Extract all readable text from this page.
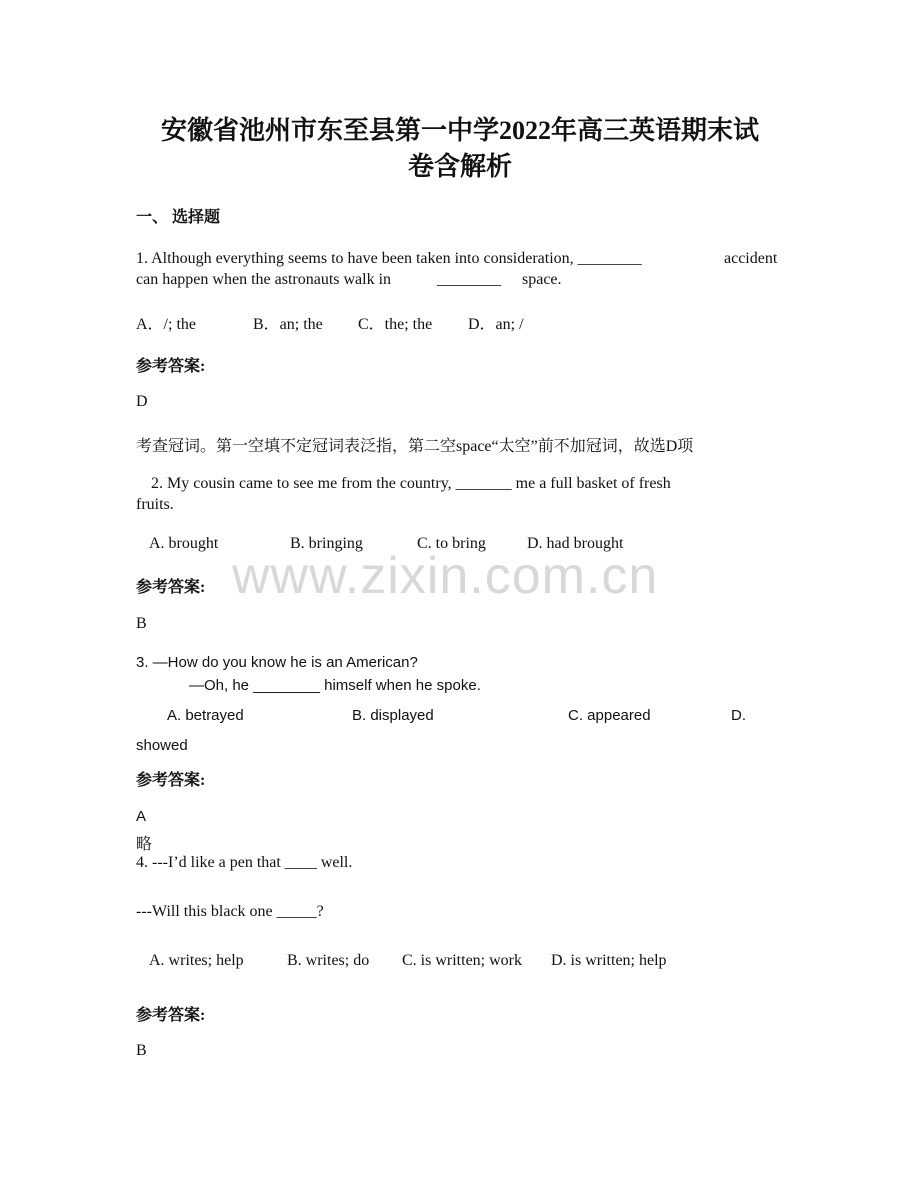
www.zixin.com.cn
安徽省池州市东至县第一中学2022年高三英语期末试
卷含解析
一、 选择题
1. Although everything seems to have been taken into consideration, ________	accident
can happen when the astronauts walk in	________ space.
A．/; the	B．an; the C．the; the D．an; /
参考答案:
D
考查冠词。第一空填不定冠词表泛指，第二空space“太空”前不加冠词，故选D项
2. My cousin came to see me from the country, _______ me a full basket of fresh
fruits.
A. brought	B. bringing	C. to bring	D. had brought
参考答案:
B
3. —How do you know he is an American?
—Oh, he ________ himself when he spoke.
A. betrayed	B. displayed	C. appeared	D.
showed
参考答案:
A
略
4. ---I’d like a pen that ____ well.
---Will this black one _____?
A. writes; help	B. writes; do C. is written; work D. is written; help
参考答案:
B
